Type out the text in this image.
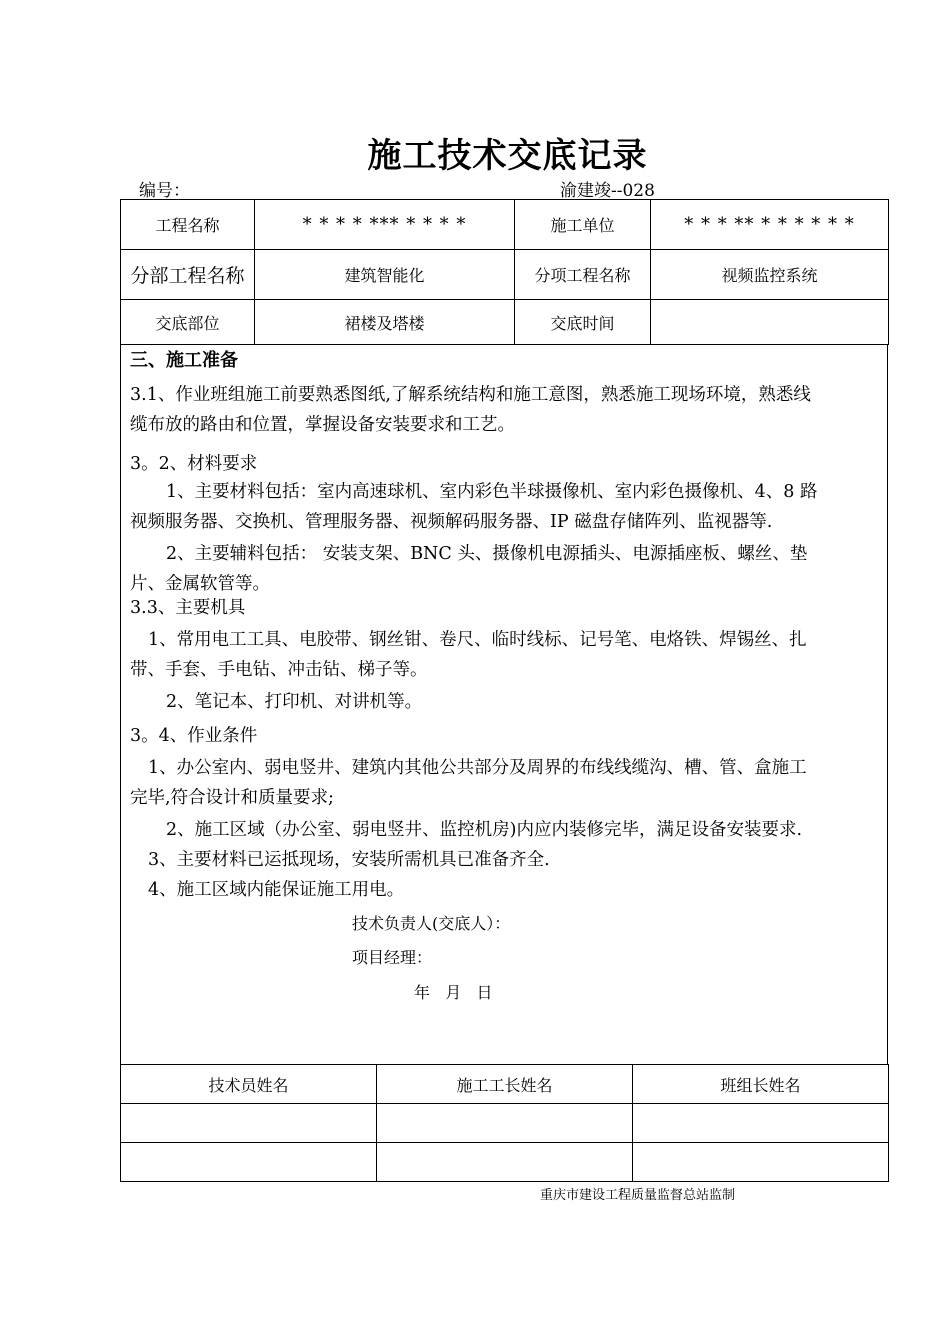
施工技术交底记录
编号：	渝建竣--028
工程名称	* * * * *** * * * *	施工单位	* * * ** * * * * * *
分部工程名称	建筑智能化	分项工程名称	视频监控系统
交底部位	裙楼及塔楼	交底时间	
三、施工准备
3.1、作业班组施工前要熟悉图纸,了解系统结构和施工意图，熟悉施工现场环境，熟悉线
缆布放的路由和位置，掌握设备安装要求和工艺。
3。2、材料要求
1、主要材料包括：室内高速球机、室内彩色半球摄像机、室内彩色摄像机、4、8 路
视频服务器、交换机、管理服务器、视频解码服务器、IP 磁盘存储阵列、监视器等.
2、主要辅料包括： 安装支架、BNC 头、摄像机电源插头、电源插座板、螺丝、垫
片、金属软管等。
3.3、主要机具
1、常用电工工具、电胶带、钢丝钳、卷尺、临时线标、记号笔、电烙铁、焊锡丝、扎
带、手套、手电钻、冲击钻、梯子等。
2、笔记本、打印机、对讲机等。
3。4、作业条件
1、办公室内、弱电竖井、建筑内其他公共部分及周界的布线线缆沟、槽、管、盒施工
完毕,符合设计和质量要求;
2、施工区域（办公室、弱电竖井、监控机房)内应内装修完毕，满足设备安装要求.
3、主要材料已运抵现场，安装所需机具已准备齐全.
4、施工区域内能保证施工用电。
技术负责人(交底人）：
项目经理：
年   月   日
技术员姓名	施工工长姓名	班组长姓名

重庆市建设工程质量监督总站监制
